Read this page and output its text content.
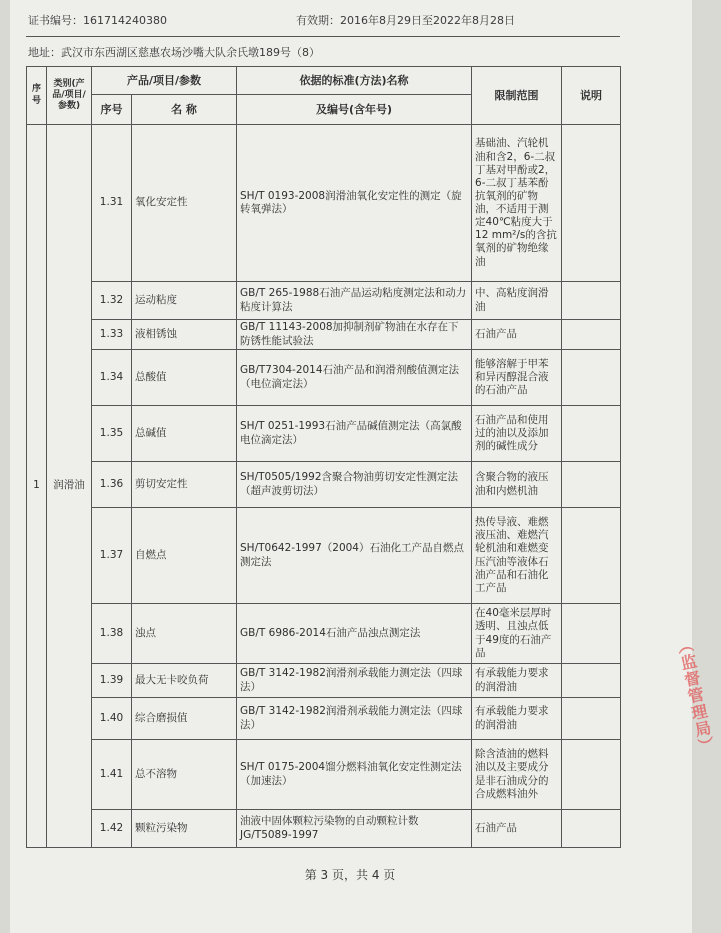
证书编号：161714240380	有效期：2016年8月29日至2022年8月28日
地址：武汉市东西湖区慈惠农场沙嘴大队余氏墩189号（8）
序号	类别(产品/项目/参数)	产品/项目/参数		依据的标准(方法)名称	限制范围	说明
		序号	名 称	及编号(含年号)		
1	润滑油	1.31	氧化安定性	SH/T 0193-2008润滑油氧化安定性的测定（旋转氧弹法）	基础油、汽轮机油和含2，6-二叔丁基对甲酚或2，6-二叔丁基苯酚抗氧剂的矿物油，不适用于测定40℃粘度大于12 mm²/s的含抗氧剂的矿物绝缘油	
		1.32	运动粘度	GB/T 265-1988石油产品运动粘度测定法和动力粘度计算法	中、高粘度润滑油	
		1.33	液相锈蚀	GB/T 11143-2008加抑制剂矿物油在水存在下防锈性能试验法	石油产品	
		1.34	总酸值	GB/T7304-2014石油产品和润滑剂酸值测定法（电位滴定法）	能够溶解于甲苯和异丙醇混合液的石油产品	
		1.35	总碱值	SH/T 0251-1993石油产品碱值测定法（高氯酸电位滴定法）	石油产品和使用过的油以及添加剂的碱性成分	
		1.36	剪切安定性	SH/T0505/1992含聚合物油剪切安定性测定法（超声波剪切法）	含聚合物的液压油和内燃机油	
		1.37	自燃点	SH/T0642-1997（2004）石油化工产品自燃点测定法	热传导液、难燃液压油、难燃汽轮机油和难燃变压汽油等液体石油产品和石油化工产品	
		1.38	浊点	GB/T 6986-2014石油产品浊点测定法	在40毫米层厚时透明、且浊点低于49度的石油产品	
		1.39	最大无卡咬负荷	GB/T 3142-1982润滑剂承载能力测定法（四球法）	有承载能力要求的润滑油	
		1.40	综合磨损值	GB/T 3142-1982润滑剂承载能力测定法（四球法）	有承载能力要求的润滑油	
		1.41	总不溶物	SH/T 0175-2004馏分燃料油氧化安定性测定法（加速法）	除含渣油的燃料油以及主要成分是非石油成分的合成燃料油外	
		1.42	颗粒污染物	油液中固体颗粒污染物的自动颗粒计数 JG/T5089-1997	石油产品	
第 3 页，共 4 页
（监督管理局）
